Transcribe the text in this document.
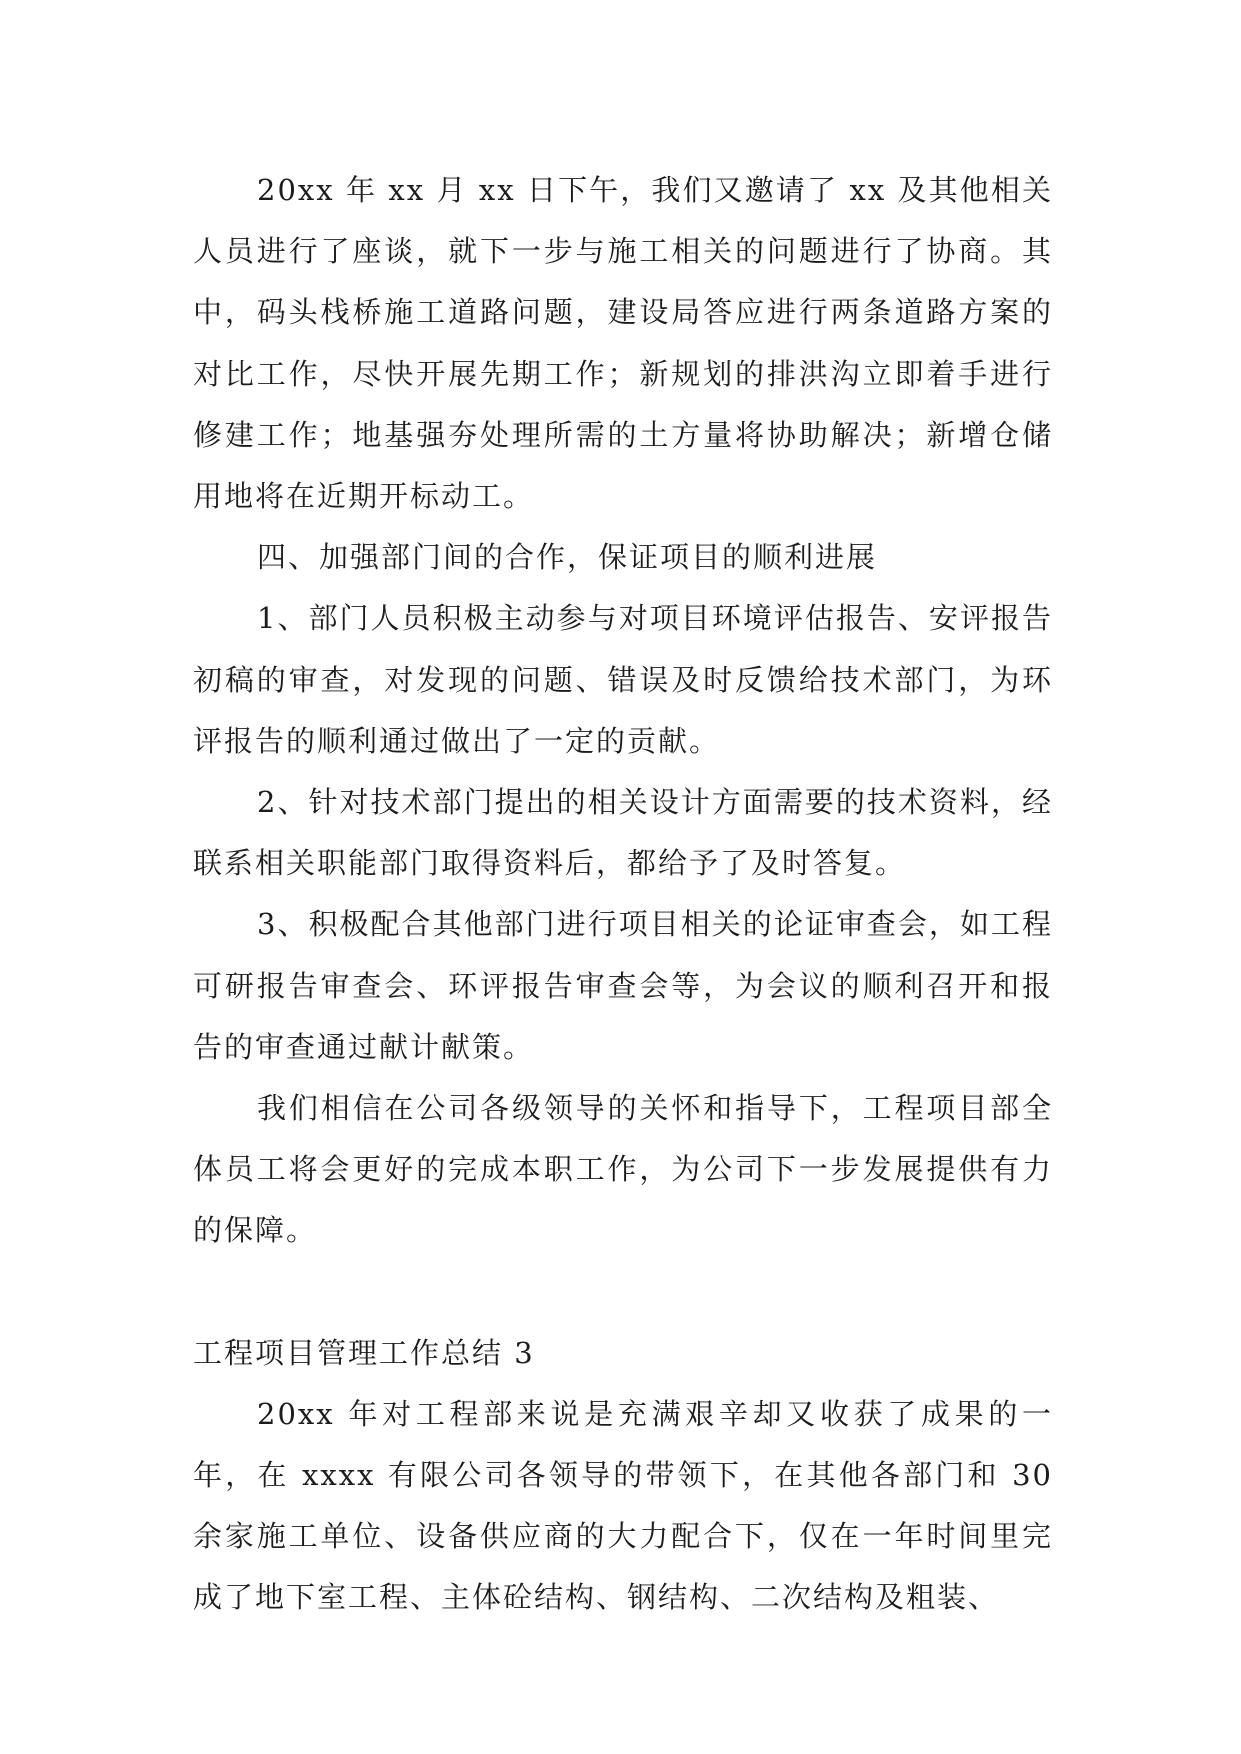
20xx 年 xx 月 xx 日下午，我们又邀请了 xx 及其他相关人员进行了座谈，就下一步与施工相关的问题进行了协商。其中，码头栈桥施工道路问题，建设局答应进行两条道路方案的对比工作，尽快开展先期工作；新规划的排洪沟立即着手进行修建工作；地基强夯处理所需的土方量将协助解决；新增仓储用地将在近期开标动工。

四、加强部门间的合作，保证项目的顺利进展

1、部门人员积极主动参与对项目环境评估报告、安评报告初稿的审查，对发现的问题、错误及时反馈给技术部门，为环评报告的顺利通过做出了一定的贡献。

2、针对技术部门提出的相关设计方面需要的技术资料，经联系相关职能部门取得资料后，都给予了及时答复。

3、积极配合其他部门进行项目相关的论证审查会，如工程可研报告审查会、环评报告审查会等，为会议的顺利召开和报告的审查通过献计献策。

我们相信在公司各级领导的关怀和指导下，工程项目部全体员工将会更好的完成本职工作，为公司下一步发展提供有力的保障。

工程项目管理工作总结 3

20xx 年对工程部来说是充满艰辛却又收获了成果的一年，在 xxxx 有限公司各领导的带领下，在其他各部门和 30 余家施工单位、设备供应商的大力配合下，仅在一年时间里完成了地下室工程、主体砼结构、钢结构、二次结构及粗装、
